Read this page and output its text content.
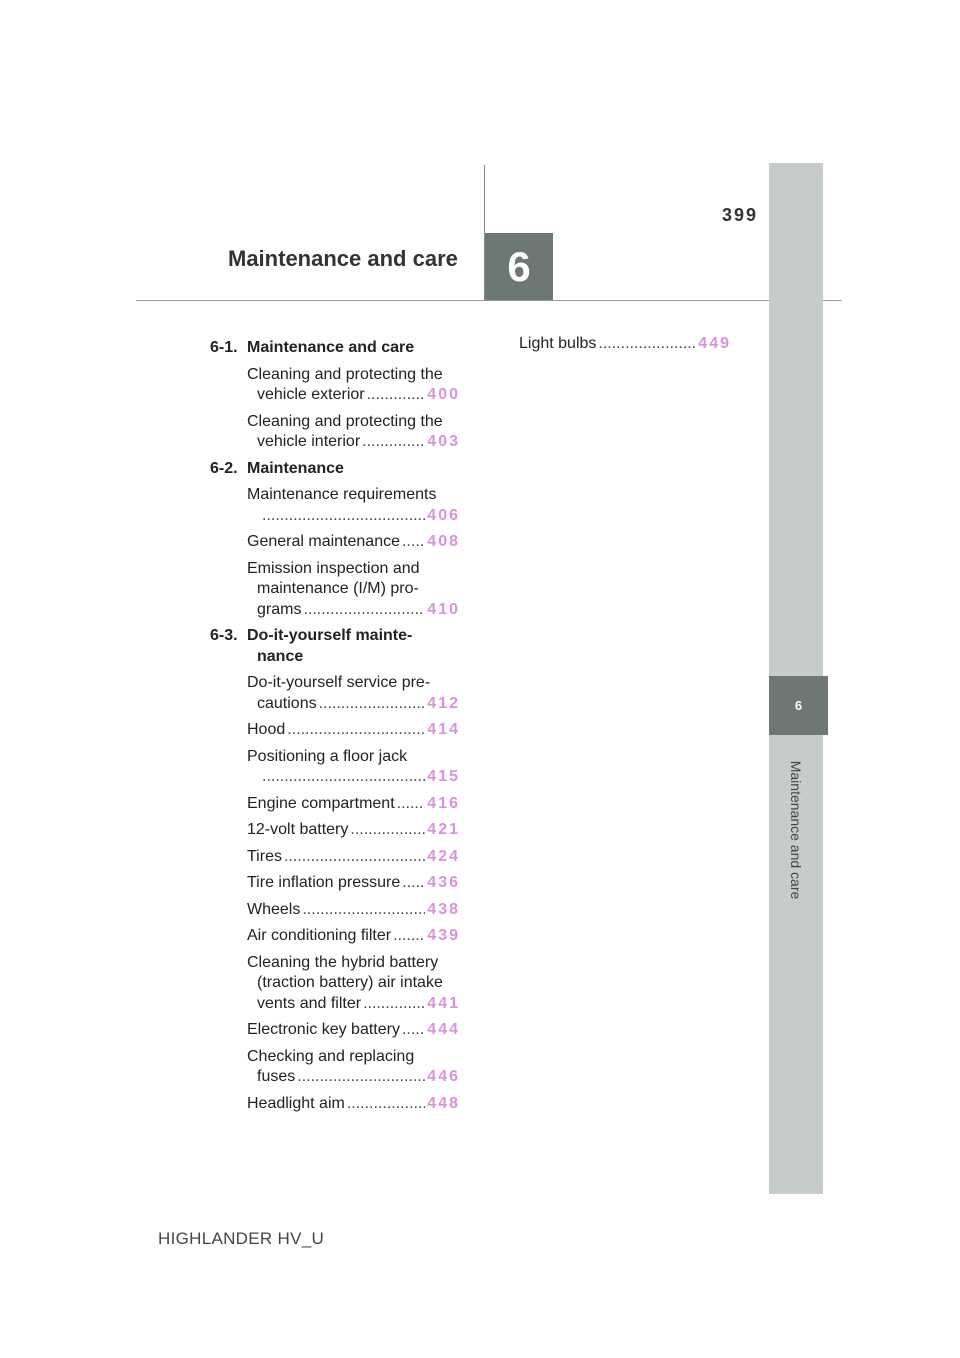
6
399
Maintenance and care
6
Maintenance and care
HIGHLANDER HV_U
6-1. Maintenance and care
Cleaning and protecting the
vehicle exterior .....	400
Cleaning and protecting the
vehicle interior .....	403
6-2. Maintenance
Maintenance requirements
.....
406
General maintenance ..... 408
Emission inspection and
maintenance (I/M) pro-
grams .....	410
6-3. Do-it-yourself mainte-
nance
Do-it-yourself service pre-
cautions .....	412
Hood .....	414
Positioning a floor jack
.....
415
Engine compartment ..... 416
12-volt battery .....	421
Tires .....	424
Tire inflation pressure ..... 436
Wheels .....	438
Air conditioning filter ..... 439
Cleaning the hybrid battery
(traction battery) air intake
vents and filter .....	441
Electronic key battery ..... 444
Checking and replacing
fuses .....	446
Headlight aim .....	448
Light bulbs .....	449
